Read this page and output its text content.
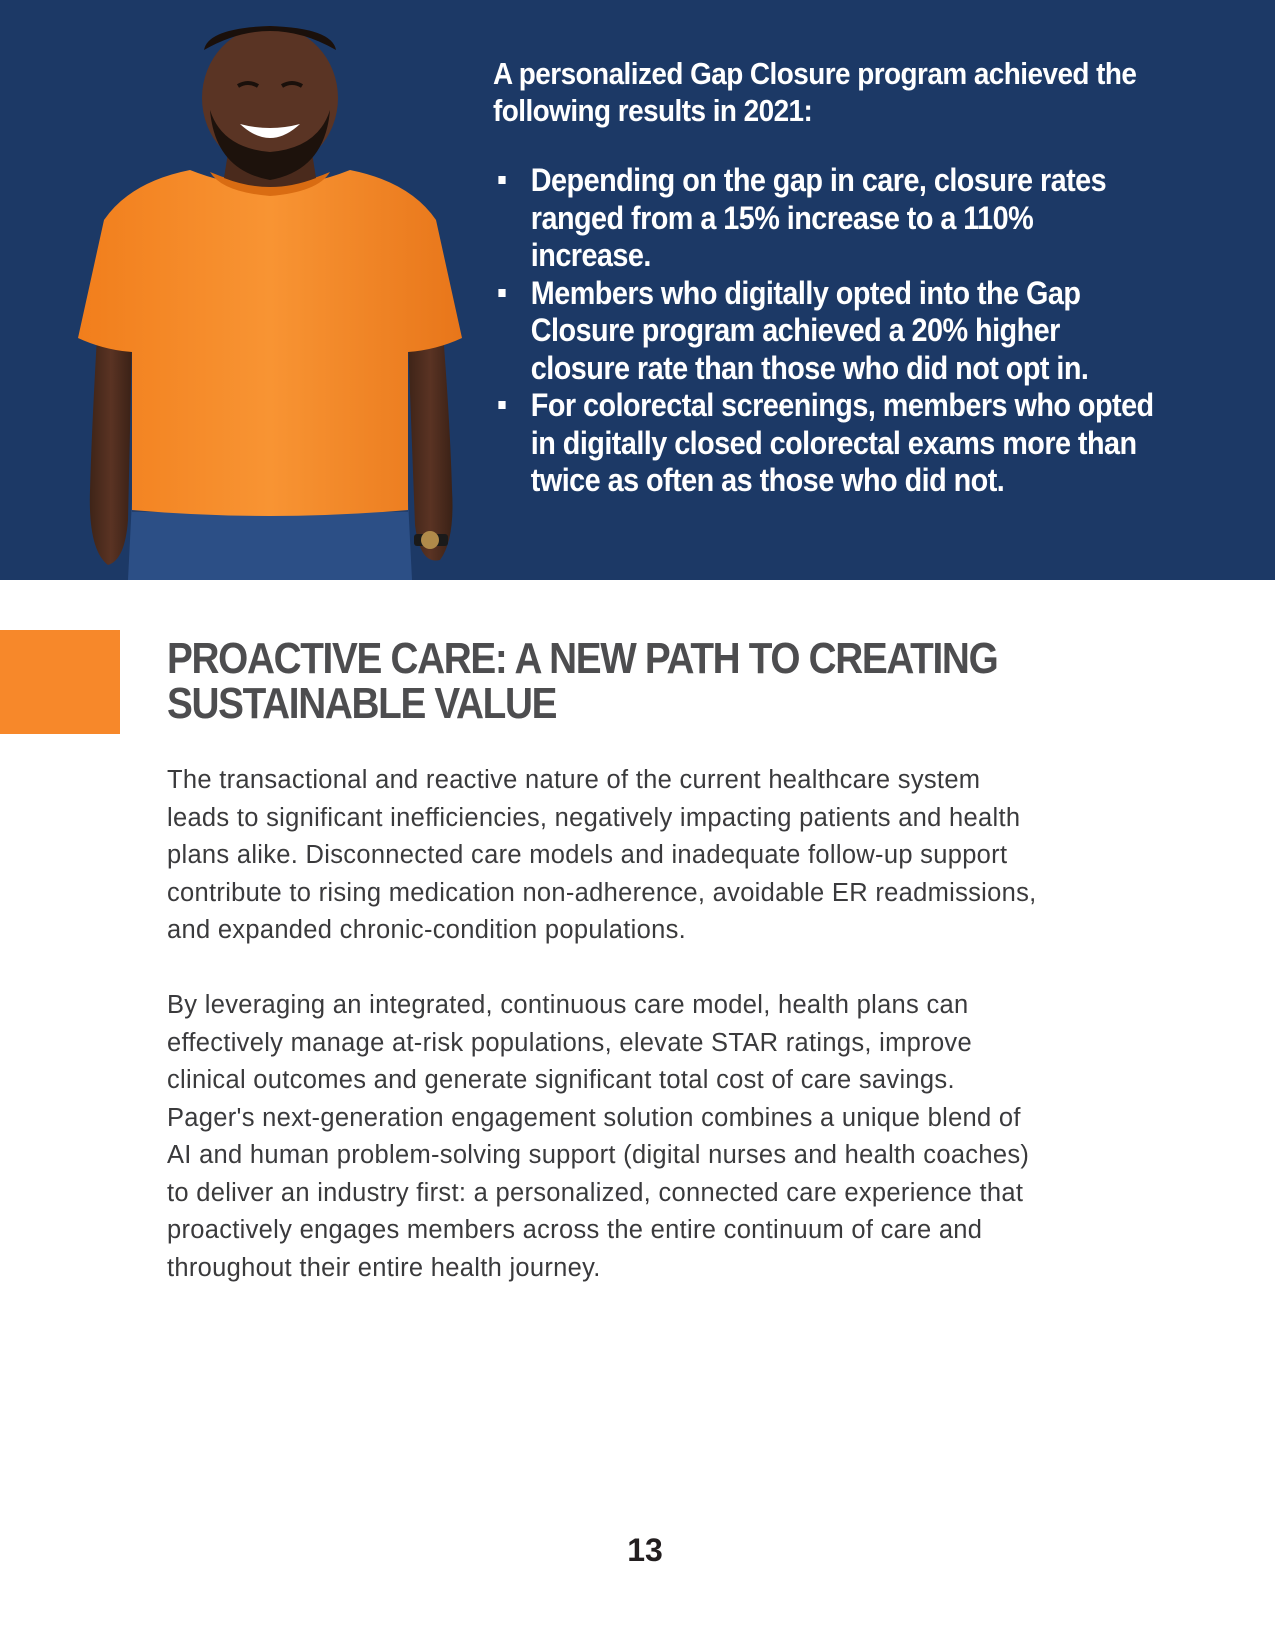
A personalized Gap Closure program achieved the following results in 2021:
Depending on the gap in care, closure rates ranged from a 15% increase to a 110% increase.
Members who digitally opted into the Gap Closure program achieved a 20% higher closure rate than those who did not opt in.
For colorectal screenings, members who opted in digitally closed colorectal exams more than twice as often as those who did not.
PROACTIVE CARE: A NEW PATH TO CREATING SUSTAINABLE VALUE

The transactional and reactive nature of the current healthcare system leads to significant inefficiencies, negatively impacting patients and health plans alike. Disconnected care models and inadequate follow-up support contribute to rising medication non-adherence, avoidable ER readmissions, and expanded chronic-condition populations.

By leveraging an integrated, continuous care model, health plans can effectively manage at-risk populations, elevate STAR ratings, improve clinical outcomes and generate significant total cost of care savings. Pager's next-generation engagement solution combines a unique blend of AI and human problem-solving support (digital nurses and health coaches) to deliver an industry first: a personalized, connected care experience that proactively engages members across the entire continuum of care and throughout their entire health journey.

13
